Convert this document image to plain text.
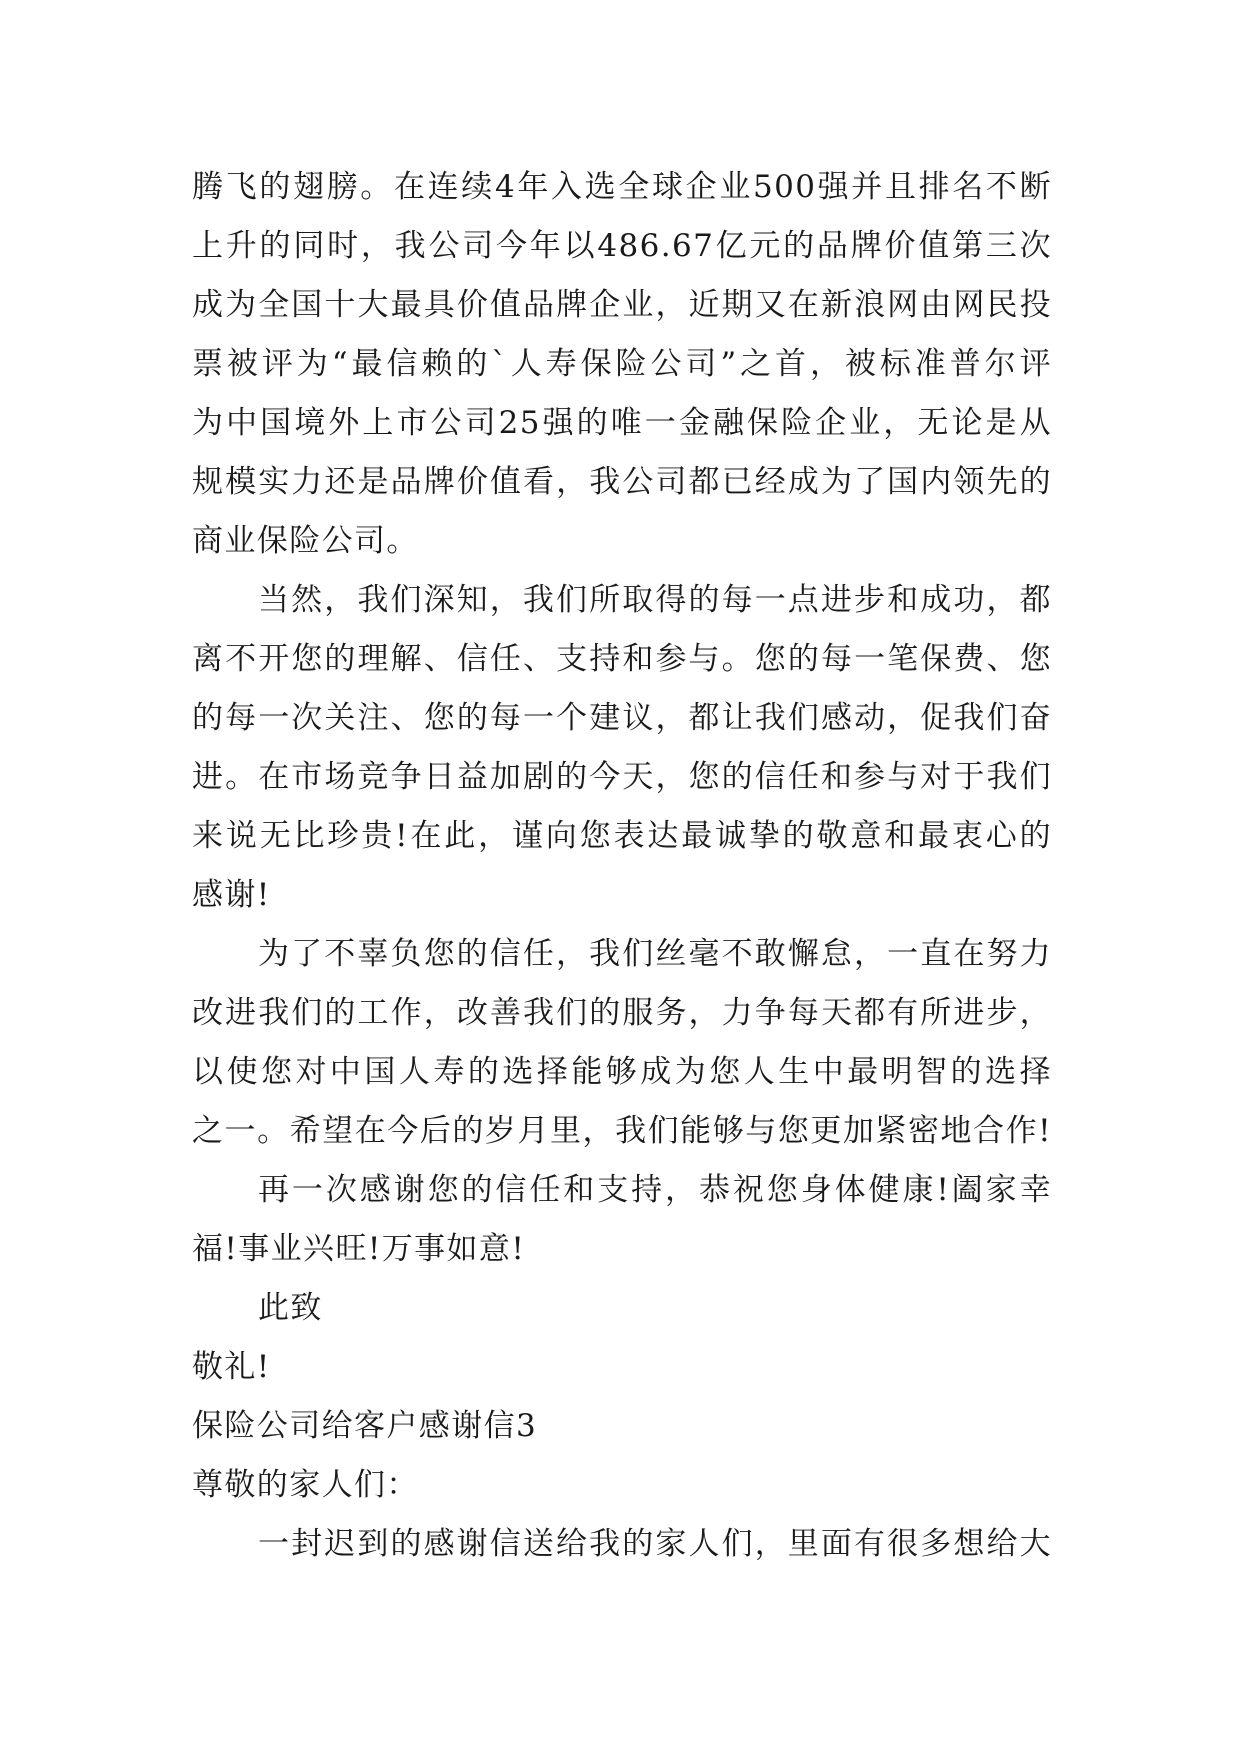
腾飞的翅膀。在连续4年入选全球企业500强并且排名不断
上升的同时，我公司今年以486.67亿元的品牌价值第三次
成为全国十大最具价值品牌企业，近期又在新浪网由网民投
票被评为“最信赖的`人寿保险公司”之首，被标准普尔评
为中国境外上市公司25强的唯一金融保险企业，无论是从
规模实力还是品牌价值看，我公司都已经成为了国内领先的
商业保险公司。
当然，我们深知，我们所取得的每一点进步和成功，都
离不开您的理解、信任、支持和参与。您的每一笔保费、您
的每一次关注、您的每一个建议，都让我们感动，促我们奋
进。在市场竞争日益加剧的今天，您的信任和参与对于我们
来说无比珍贵!在此，谨向您表达最诚挚的敬意和最衷心的
感谢!
为了不辜负您的信任，我们丝毫不敢懈怠，一直在努力
改进我们的工作，改善我们的服务，力争每天都有所进步，
以使您对中国人寿的选择能够成为您人生中最明智的选择
之一。希望在今后的岁月里，我们能够与您更加紧密地合作!
再一次感谢您的信任和支持，恭祝您身体健康!阖家幸
福!事业兴旺!万事如意!
此致
敬礼!
保险公司给客户感谢信3
尊敬的家人们：
一封迟到的感谢信送给我的家人们，里面有很多想给大
